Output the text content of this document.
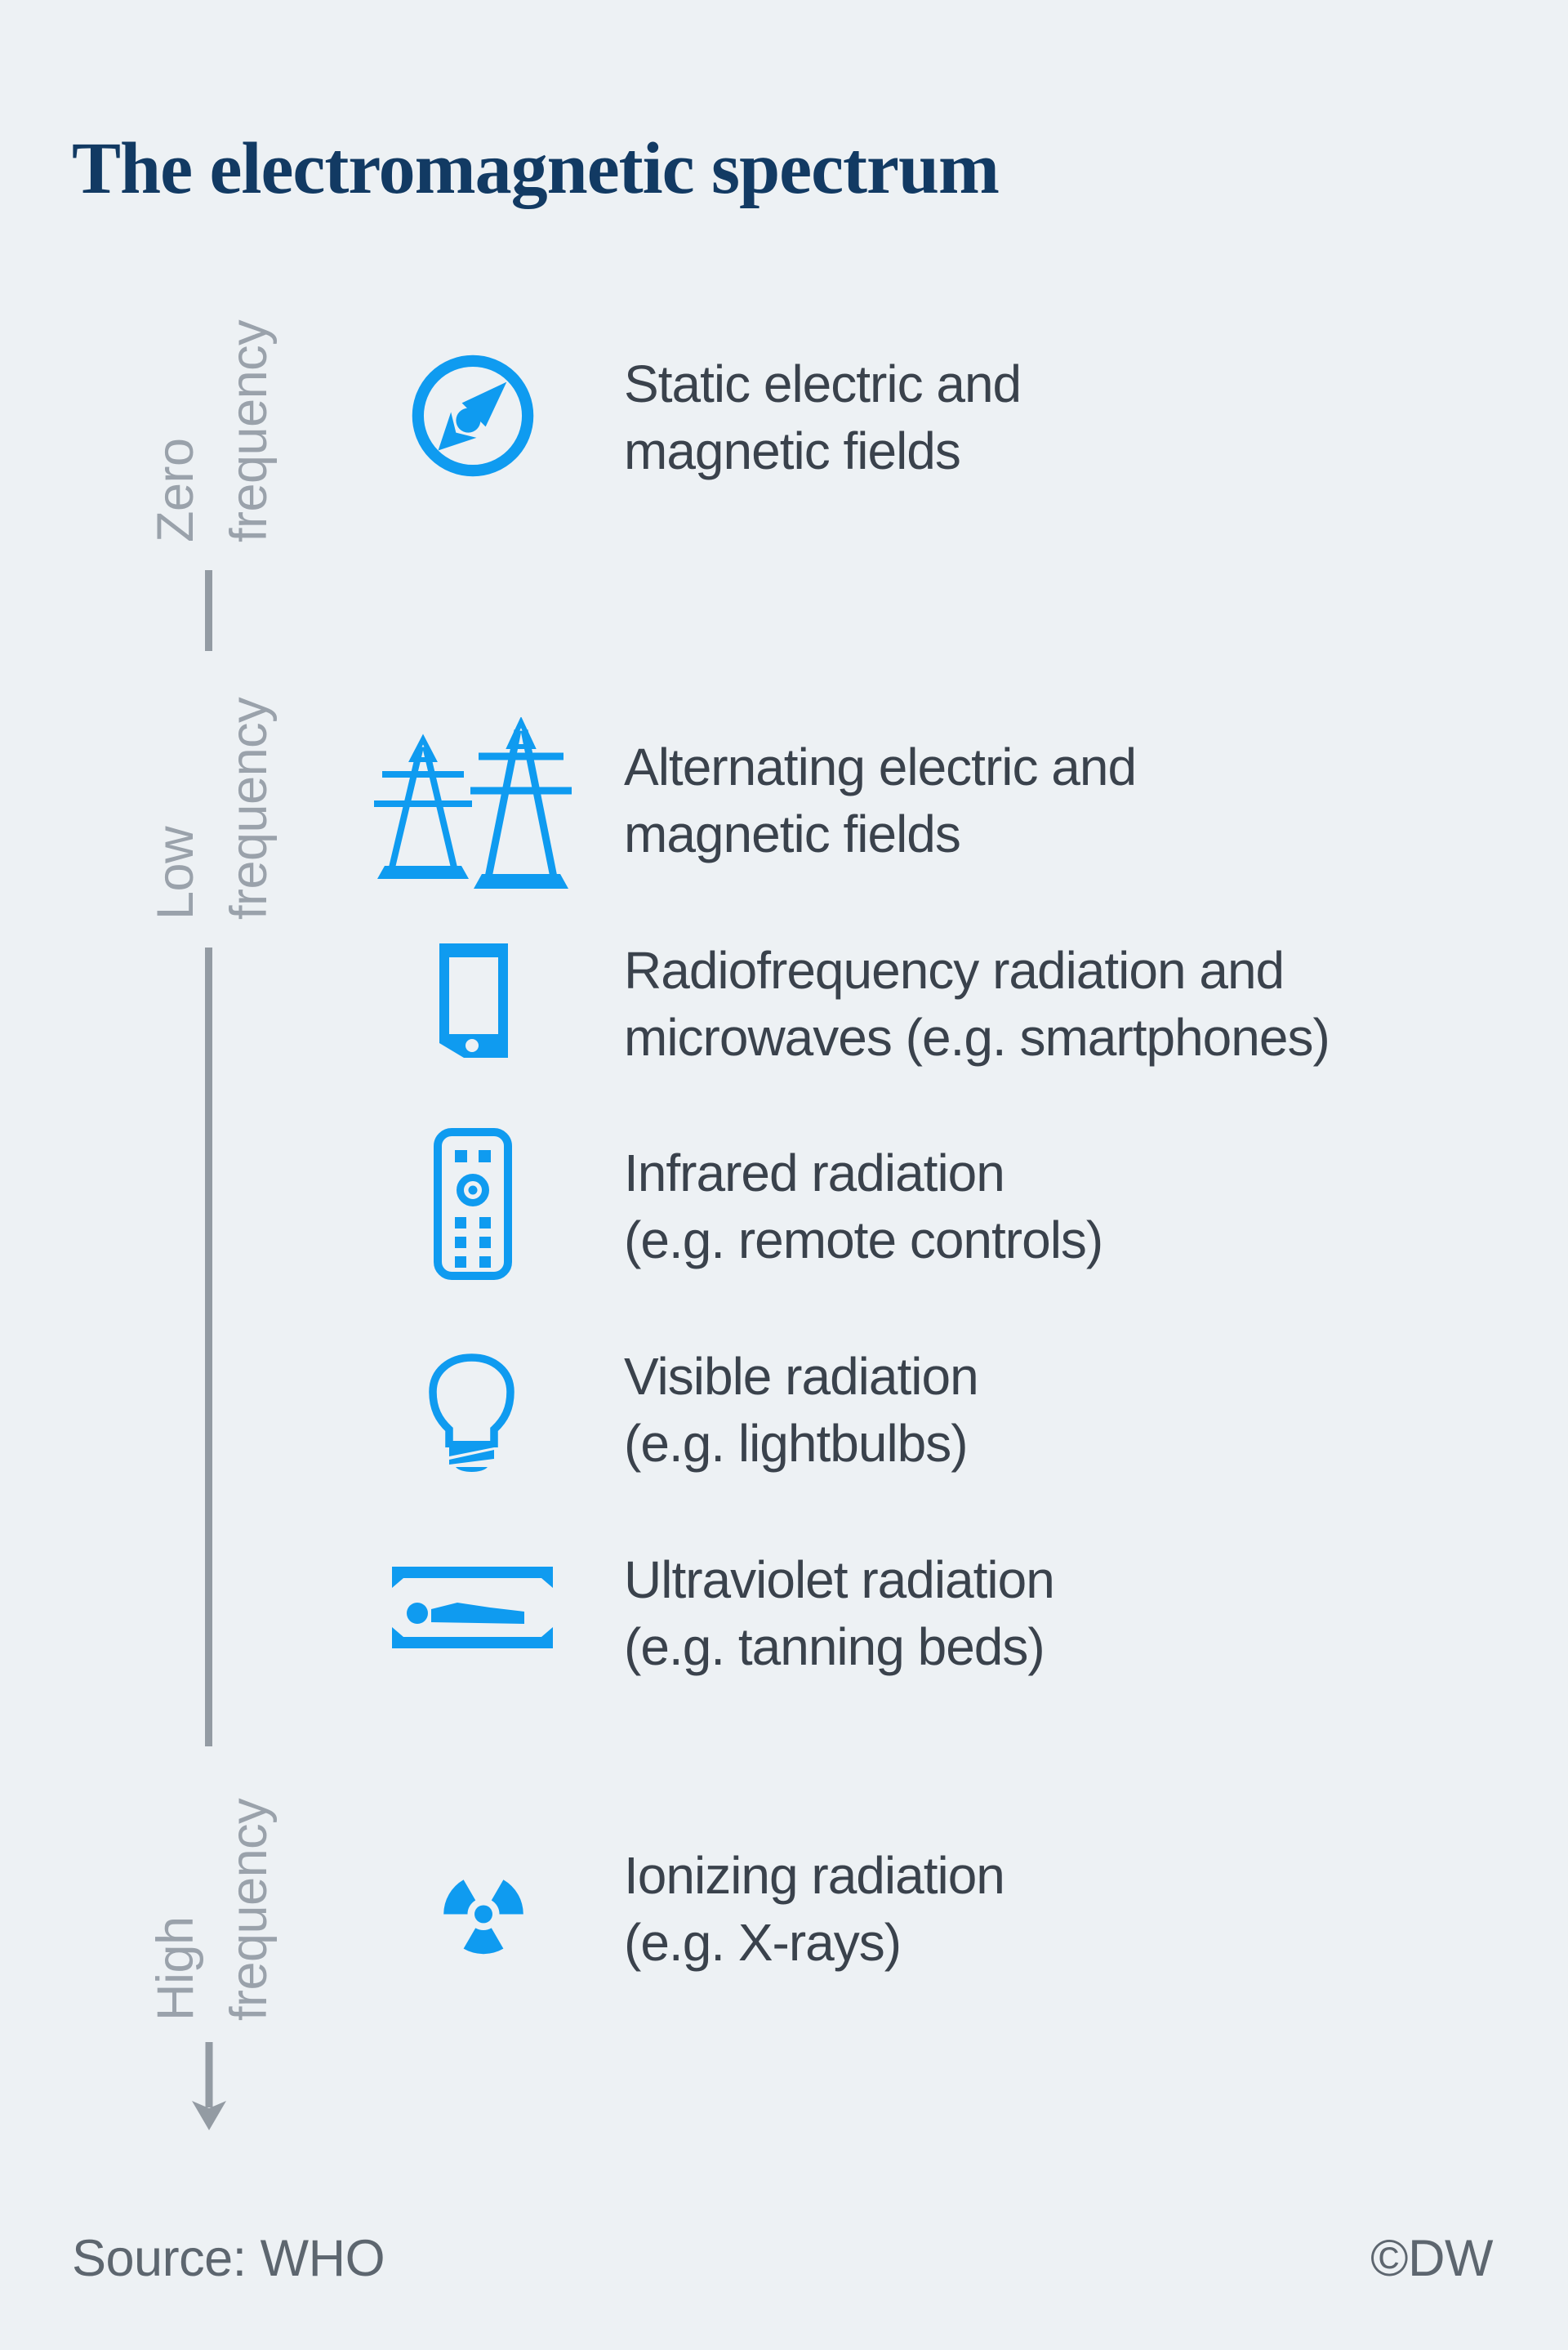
The electromagnetic spectrum
Zero frequency
Low frequency
High frequency
Static electric and
magnetic fields
Alternating electric and
magnetic fields
Radiofrequency radiation and
microwaves (e.g. smartphones)
Infrared radiation
(e.g. remote controls)
Visible radiation
(e.g. lightbulbs)
Ultraviolet radiation
(e.g. tanning beds)
Ionizing radiation
(e.g. X-rays)
Source: WHO	©DW
